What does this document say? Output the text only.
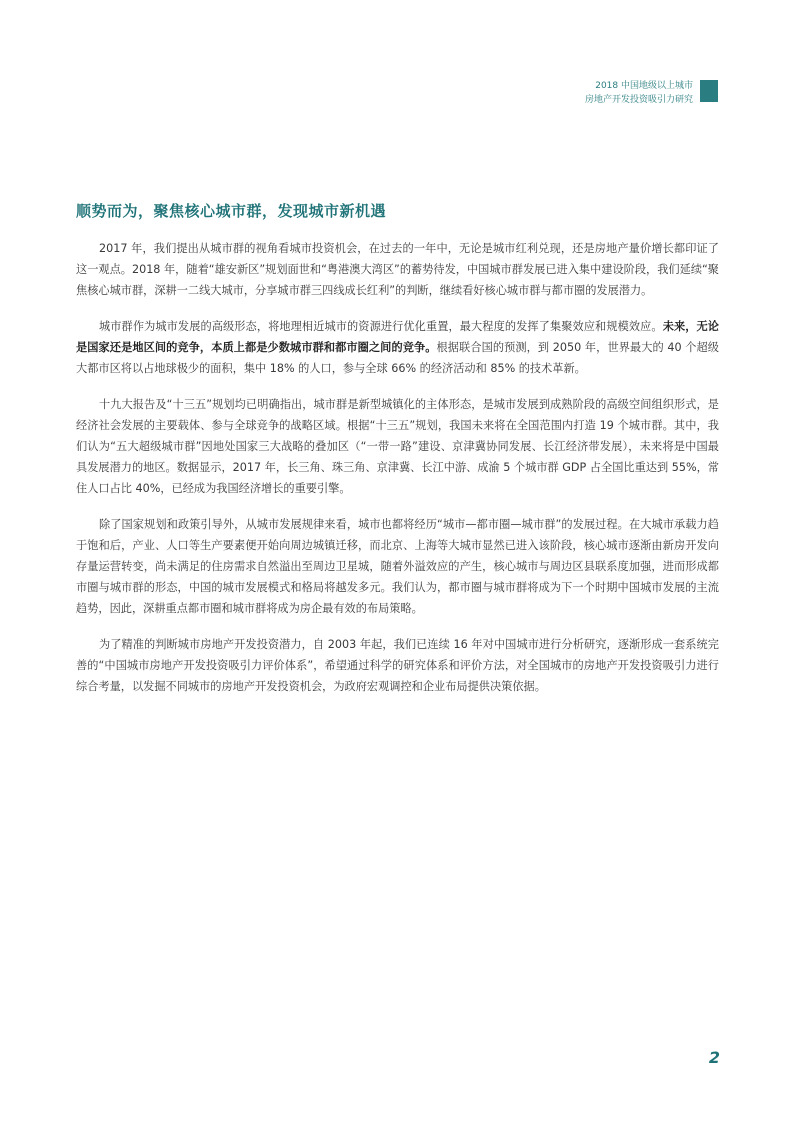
2018 中国地级以上城市
房地产开发投资吸引力研究
顺势而为，聚焦核心城市群，发现城市新机遇

2017 年，我们提出从城市群的视角看城市投资机会，在过去的一年中，无论是城市红利兑现，还是房地产量价增长都印证了这一观点。2018 年，随着“雄安新区”规划面世和“粤港澳大湾区”的蓄势待发，中国城市群发展已进入集中建设阶段，我们延续“聚焦核心城市群，深耕一二线大城市，分享城市群三四线成长红利”的判断，继续看好核心城市群与都市圈的发展潜力。

城市群作为城市发展的高级形态，将地理相近城市的资源进行优化重置，最大程度的发挥了集聚效应和规模效应。未来，无论是国家还是地区间的竞争，本质上都是少数城市群和都市圈之间的竞争。根据联合国的预测，到 2050 年，世界最大的 40 个超级大都市区将以占地球极少的面积，集中 18% 的人口，参与全球 66% 的经济活动和 85% 的技术革新。

十九大报告及“十三五”规划均已明确指出，城市群是新型城镇化的主体形态，是城市发展到成熟阶段的高级空间组织形式，是经济社会发展的主要载体、参与全球竞争的战略区域。根据“十三五”规划，我国未来将在全国范围内打造 19 个城市群。其中，我们认为“五大超级城市群”因地处国家三大战略的叠加区（“一带一路”建设、京津冀协同发展、长江经济带发展），未来将是中国最具发展潜力的地区。数据显示，2017 年，长三角、珠三角、京津冀、长江中游、成渝 5 个城市群 GDP 占全国比重达到 55%，常住人口占比 40%，已经成为我国经济增长的重要引擎。

除了国家规划和政策引导外，从城市发展规律来看，城市也都将经历“城市—都市圈—城市群”的发展过程。在大城市承载力趋于饱和后，产业、人口等生产要素便开始向周边城镇迁移，而北京、上海等大城市显然已进入该阶段，核心城市逐渐由新房开发向存量运营转变，尚未满足的住房需求自然溢出至周边卫星城，随着外溢效应的产生，核心城市与周边区县联系度加强，进而形成都市圈与城市群的形态，中国的城市发展模式和格局将越发多元。我们认为，都市圈与城市群将成为下一个时期中国城市发展的主流趋势，因此，深耕重点都市圈和城市群将成为房企最有效的布局策略。

为了精准的判断城市房地产开发投资潜力，自 2003 年起，我们已连续 16 年对中国城市进行分析研究，逐渐形成一套系统完善的“中国城市房地产开发投资吸引力评价体系”，希望通过科学的研究体系和评价方法，对全国城市的房地产开发投资吸引力进行综合考量，以发掘不同城市的房地产开发投资机会，为政府宏观调控和企业布局提供决策依据。

2
